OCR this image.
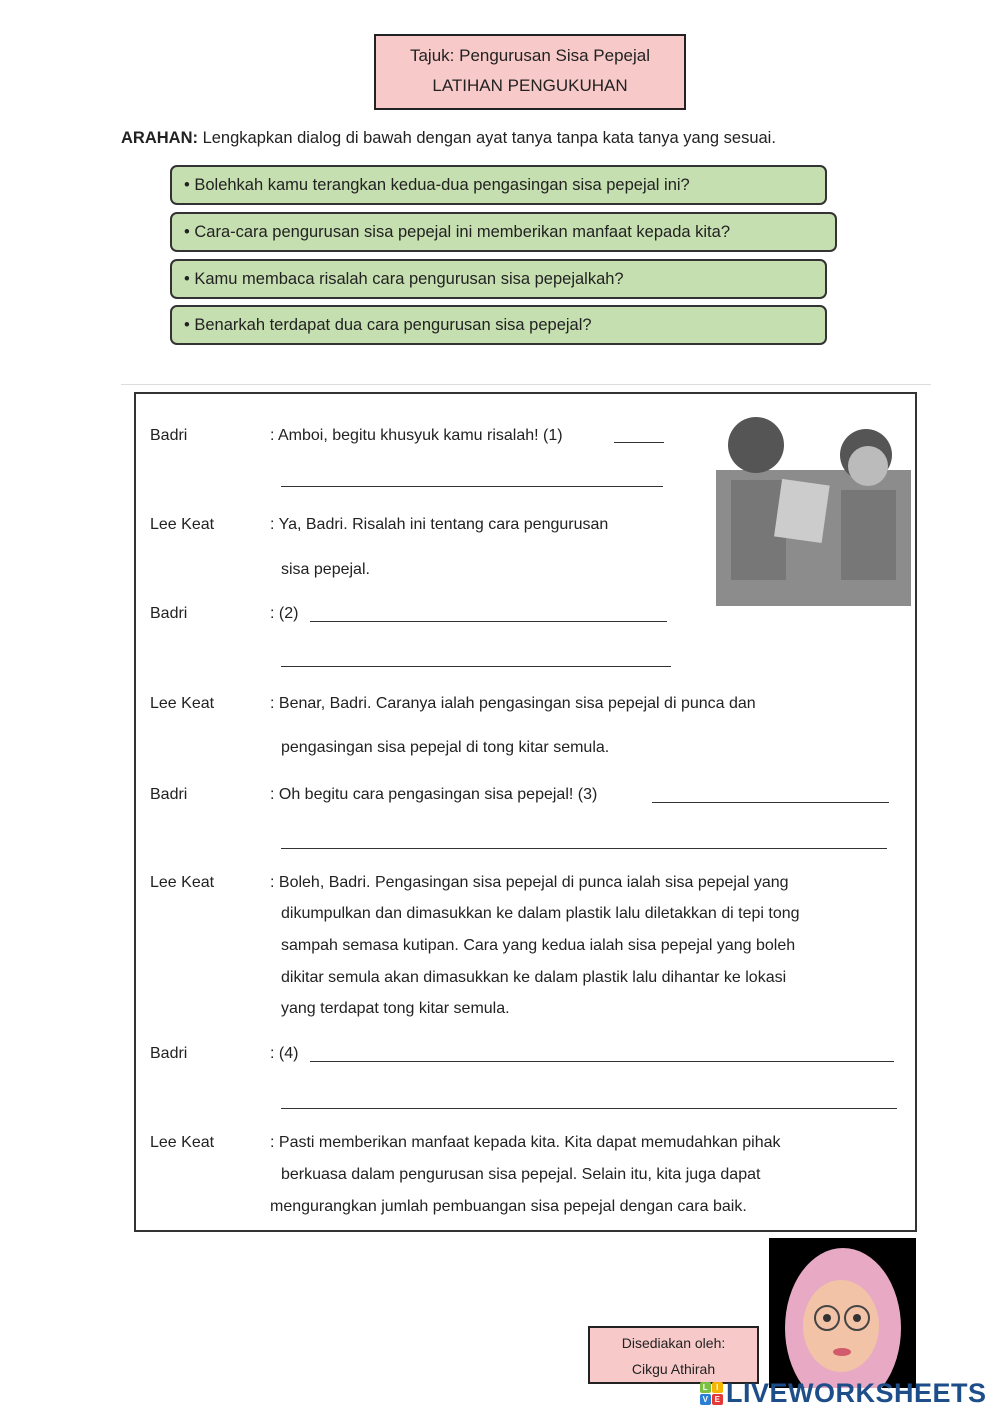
Tajuk: Pengurusan Sisa Pepejal
LATIHAN PENGUKUHAN
ARAHAN: Lengkapkan dialog di bawah dengan ayat tanya tanpa kata tanya yang sesuai.
• Bolehkah kamu terangkan kedua-dua pengasingan sisa pepejal ini?
• Cara-cara pengurusan sisa pepejal ini memberikan manfaat kepada kita?
• Kamu membaca risalah cara pengurusan sisa pepejalkah?
• Benarkah terdapat dua cara pengurusan sisa pepejal?
Badri	: Amboi, begitu khusyuk kamu risalah! (1)
Lee Keat	: Ya, Badri. Risalah ini tentang cara pengurusan
sisa pepejal.
Badri	: (2)
Lee Keat	: Benar, Badri. Caranya ialah pengasingan sisa pepejal di punca dan
pengasingan sisa pepejal di tong kitar semula.
Badri	: Oh begitu cara pengasingan sisa pepejal! (3)
Lee Keat	: Boleh, Badri. Pengasingan sisa pepejal di punca ialah sisa pepejal yang
dikumpulkan dan dimasukkan ke dalam plastik lalu diletakkan di tepi tong
sampah semasa kutipan. Cara yang kedua ialah sisa pepejal yang boleh
dikitar semula akan dimasukkan ke dalam plastik lalu dihantar ke lokasi
yang terdapat tong kitar semula.
Badri	: (4)
Lee Keat	: Pasti memberikan manfaat kepada kita. Kita dapat memudahkan pihak
berkuasa dalam pengurusan sisa pepejal. Selain itu, kita juga dapat
mengurangkan jumlah pembuangan sisa pepejal dengan cara baik.
Disediakan oleh:
Cikgu Athirah
L I
V E LIVEWORKSHEETS
